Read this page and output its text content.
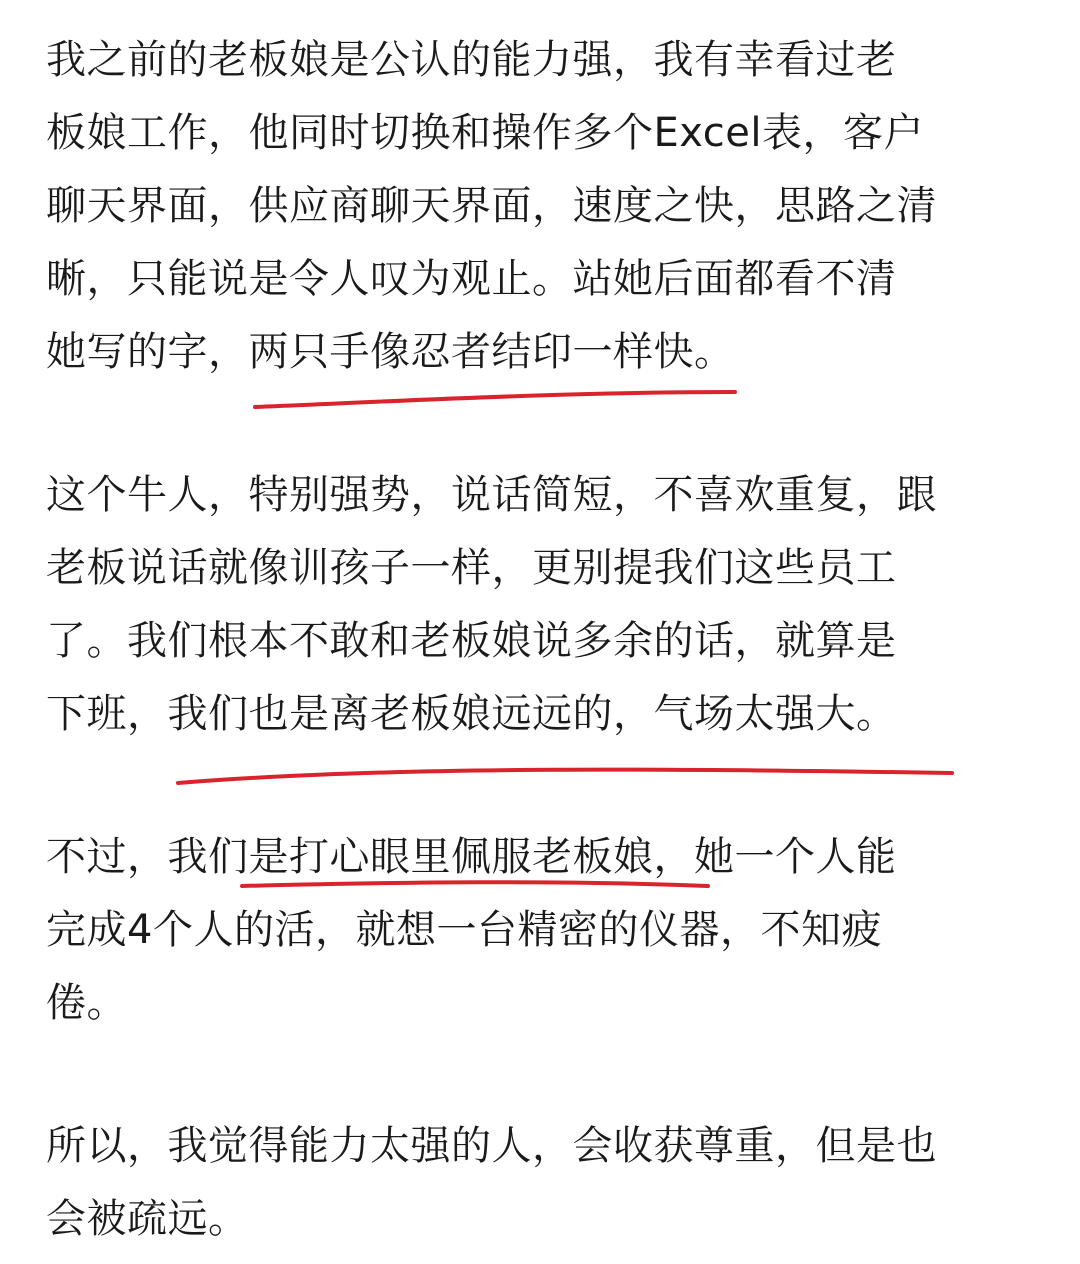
我之前的老板娘是公认的能力强，我有幸看过老
板娘工作，他同时切换和操作多个Excel表，客户
聊天界面，供应商聊天界面，速度之快，思路之清
晰，只能说是令人叹为观止。站她后面都看不清
她写的字，两只手像忍者结印一样快。
这个牛人，特别强势，说话简短，不喜欢重复，跟
老板说话就像训孩子一样，更别提我们这些员工
了。我们根本不敢和老板娘说多余的话，就算是
下班，我们也是离老板娘远远的，气场太强大。
不过，我们是打心眼里佩服老板娘，她一个人能
完成4个人的活，就想一台精密的仪器，不知疲
倦。
所以，我觉得能力太强的人，会收获尊重，但是也
会被疏远。
